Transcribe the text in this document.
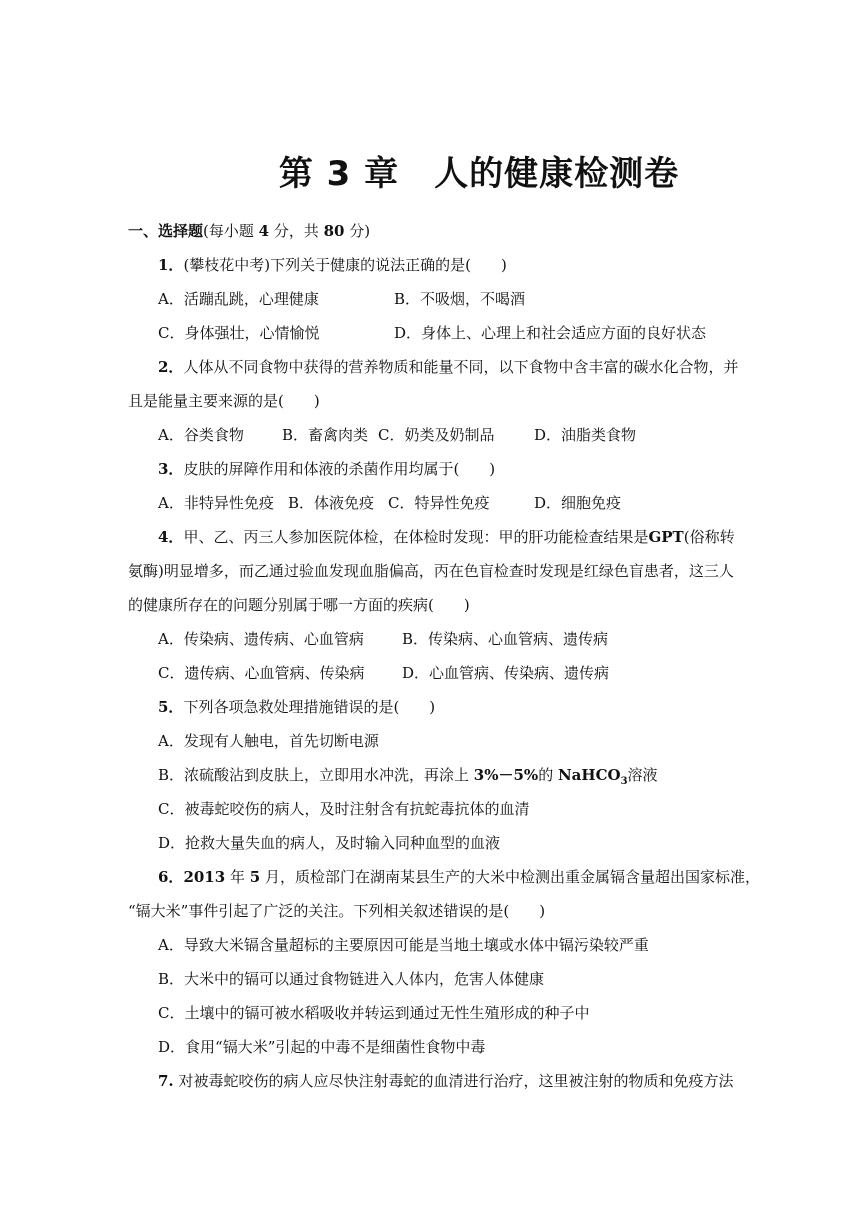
第 3 章　人的健康检测卷
一、选择题(每小题 4 分，共 80 分)
1．(攀枝花中考)下列关于健康的说法正确的是(　　)
A．活蹦乱跳，心理健康	B．不吸烟，不喝酒
C．身体强壮，心情愉悦	D．身体上、心理上和社会适应方面的良好状态
2．人体从不同食物中获得的营养物质和能量不同，以下食物中含丰富的碳水化合物，并
且是能量主要来源的是(　　)
A．谷类食物	B．畜禽肉类 C．奶类及奶制品	D．油脂类食物
3．皮肤的屏障作用和体液的杀菌作用均属于(　　)
A．非特异性免疫 B．体液免疫 C．特异性免疫	D．细胞免疫
4．甲、乙、丙三人参加医院体检，在体检时发现：甲的肝功能检查结果是GPT(俗称转
氨酶)明显增多，而乙通过验血发现血脂偏高，丙在色盲检查时发现是红绿色盲患者，这三人
的健康所存在的问题分别属于哪一方面的疾病(　　)
A．传染病、遗传病、心血管病	B．传染病、心血管病、遗传病
C．遗传病、心血管病、传染病	D．心血管病、传染病、遗传病
5．下列各项急救处理措施错误的是(　　)
A．发现有人触电，首先切断电源
B．浓硫酸沾到皮肤上，立即用水冲洗，再涂上 3%－5%的 NaHCO$_3$溶液
C．被毒蛇咬伤的病人，及时注射含有抗蛇毒抗体的血清
D．抢救大量失血的病人，及时输入同种血型的血液
6．2013 年 5 月，质检部门在湖南某县生产的大米中检测出重金属镉含量超出国家标准，
“镉大米”事件引起了广泛的关注。下列相关叙述错误的是(　　)
A．导致大米镉含量超标的主要原因可能是当地土壤或水体中镉污染较严重
B．大米中的镉可以通过食物链进入人体内，危害人体健康
C．土壤中的镉可被水稻吸收并转运到通过无性生殖形成的种子中
D．食用“镉大米”引起的中毒不是细菌性食物中毒
7. 对被毒蛇咬伤的病人应尽快注射毒蛇的血清进行治疗，这里被注射的物质和免疫方法
